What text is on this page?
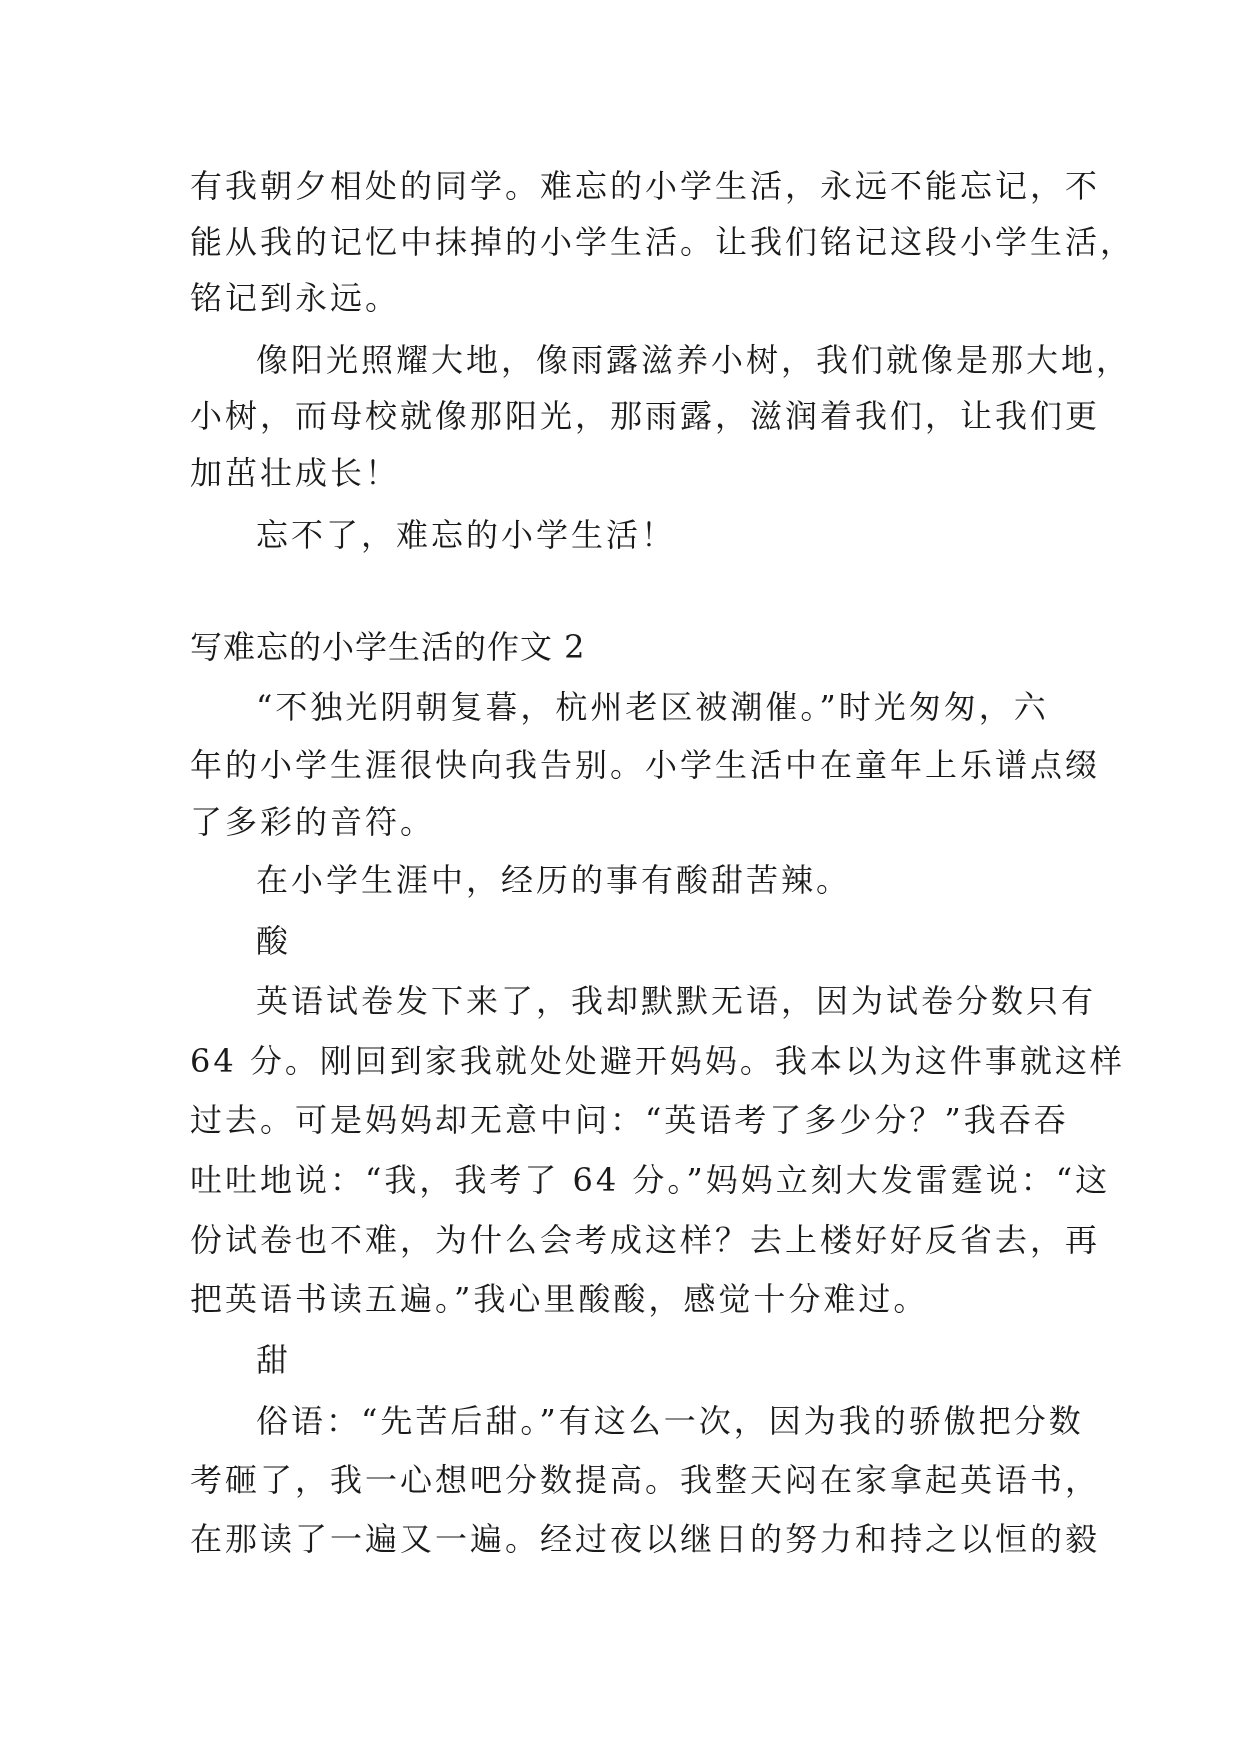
有我朝夕相处的同学。难忘的小学生活，永远不能忘记，不

能从我的记忆中抹掉的小学生活。让我们铭记这段小学生活，

铭记到永远。

像阳光照耀大地，像雨露滋养小树，我们就像是那大地，

小树，而母校就像那阳光，那雨露，滋润着我们，让我们更

加茁壮成长！

忘不了，难忘的小学生活！

写难忘的小学生活的作文 2

“不独光阴朝复暮，杭州老区被潮催。”时光匆匆，六

年的小学生涯很快向我告别。小学生活中在童年上乐谱点缀

了多彩的音符。

在小学生涯中，经历的事有酸甜苦辣。

酸

英语试卷发下来了，我却默默无语，因为试卷分数只有

64 分。刚回到家我就处处避开妈妈。我本以为这件事就这样

过去。可是妈妈却无意中问：“英语考了多少分？”我吞吞

吐吐地说：“我，我考了 64 分。”妈妈立刻大发雷霆说：“这

份试卷也不难，为什么会考成这样？去上楼好好反省去，再

把英语书读五遍。”我心里酸酸，感觉十分难过。

甜

俗语：“先苦后甜。”有这么一次，因为我的骄傲把分数

考砸了，我一心想吧分数提高。我整天闷在家拿起英语书，

在那读了一遍又一遍。经过夜以继日的努力和持之以恒的毅
